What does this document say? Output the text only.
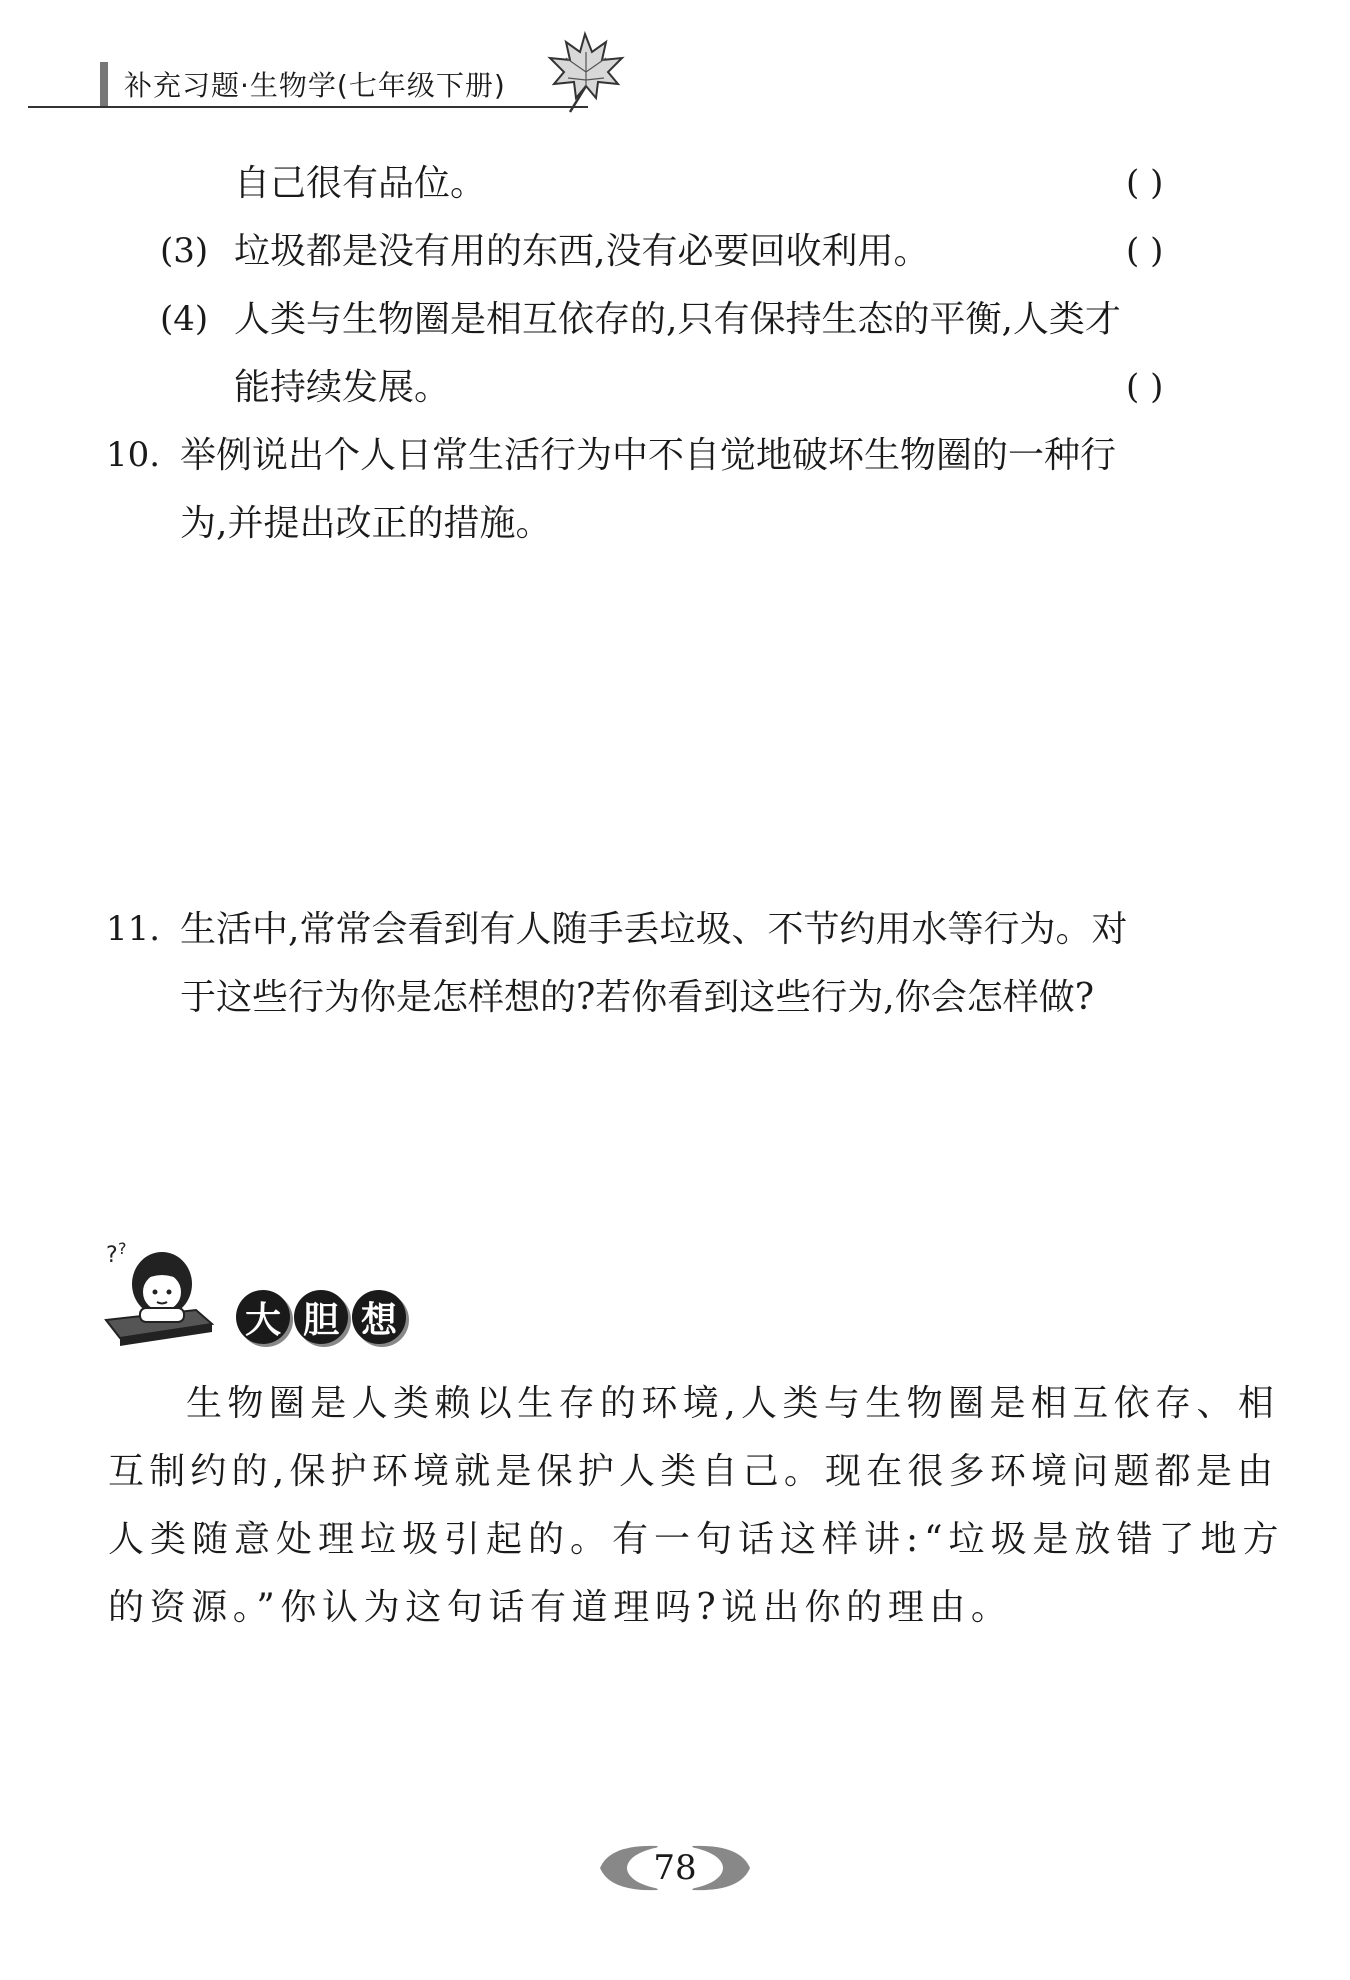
补充习题·生物学(七年级下册)
自己很有品位。	( )
(3) 垃圾都是没有用的东西,没有必要回收利用。	( )
(4) 人类与生物圈是相互依存的,只有保持生态的平衡,人类才
能持续发展。	( )
10. 举例说出个人日常生活行为中不自觉地破坏生物圈的一种行
为,并提出改正的措施。
11. 生活中,常常会看到有人随手丢垃圾、不节约用水等行为。对
于这些行为你是怎样想的?若你看到这些行为,你会怎样做?
? ?
大 胆 想
生物圈是人类赖以生存的环境,人类与生物圈是相互依存、相
互制约的,保护环境就是保护人类自己。现在很多环境问题都是由
人类随意处理垃圾引起的。有一句话这样讲:“垃圾是放错了地方
的资源。”你认为这句话有道理吗?说出你的理由。
78
